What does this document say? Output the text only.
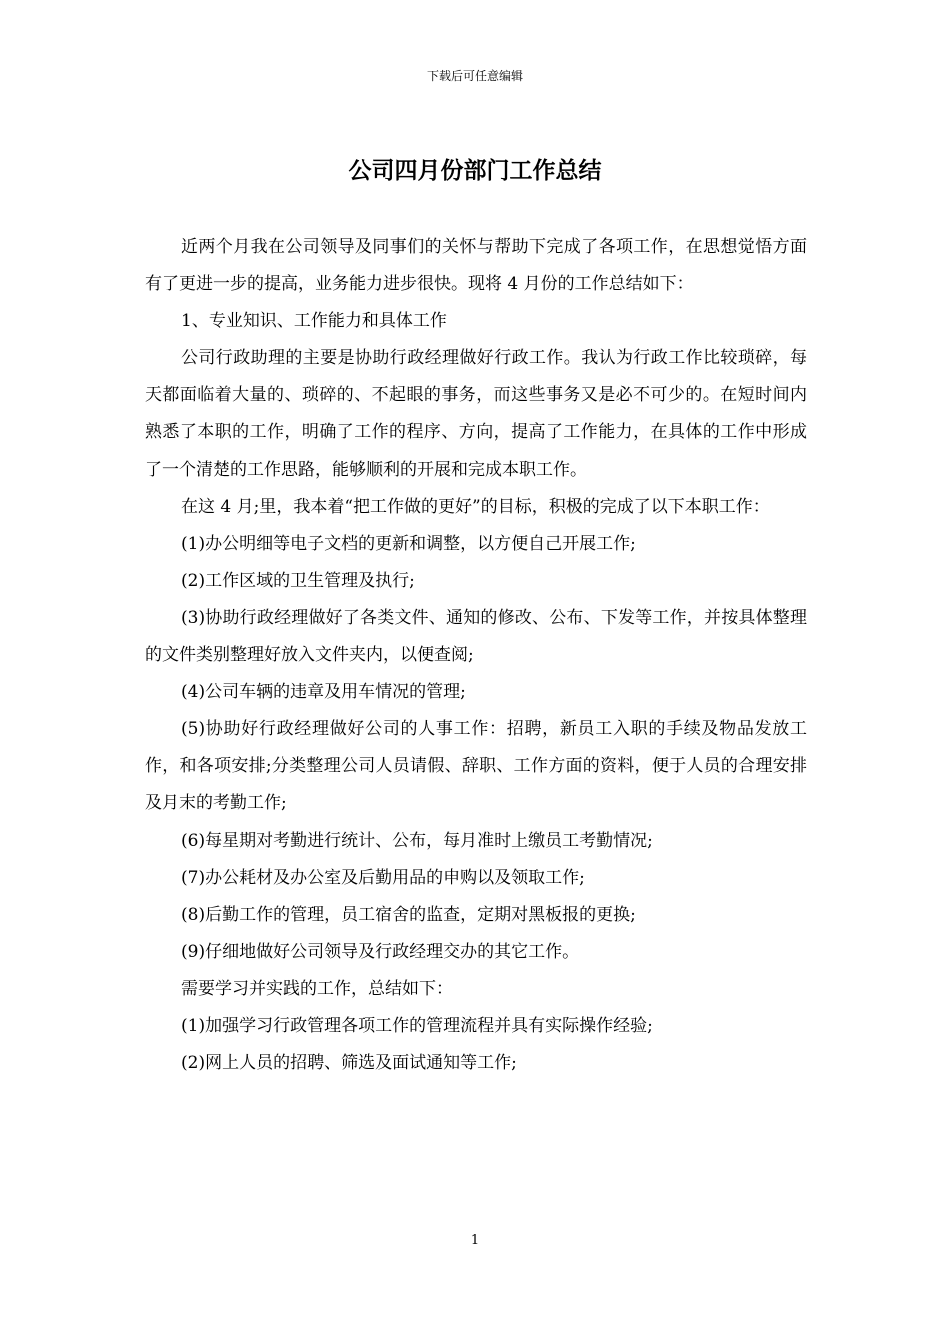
下载后可任意编辑
公司四月份部门工作总结

近两个月我在公司领导及同事们的关怀与帮助下完成了各项工作，在思想觉悟方面有了更进一步的提高，业务能力进步很快。现将 4 月份的工作总结如下：

1、专业知识、工作能力和具体工作

公司行政助理的主要是协助行政经理做好行政工作。我认为行政工作比较琐碎，每天都面临着大量的、琐碎的、不起眼的事务，而这些事务又是必不可少的。在短时间内熟悉了本职的工作，明确了工作的程序、方向，提高了工作能力，在具体的工作中形成了一个清楚的工作思路，能够顺利的开展和完成本职工作。

在这 4 月;里，我本着“把工作做的更好”的目标，积极的完成了以下本职工作：

(1)办公明细等电子文档的更新和调整，以方便自己开展工作;

(2)工作区域的卫生管理及执行;

(3)协助行政经理做好了各类文件、通知的修改、公布、下发等工作，并按具体整理的文件类别整理好放入文件夹内，以便查阅;

(4)公司车辆的违章及用车情况的管理;

(5)协助好行政经理做好公司的人事工作：招聘，新员工入职的手续及物品发放工作，和各项安排;分类整理公司人员请假、辞职、工作方面的资料，便于人员的合理安排及月末的考勤工作;

(6)每星期对考勤进行统计、公布，每月准时上缴员工考勤情况;

(7)办公耗材及办公室及后勤用品的申购以及领取工作;

(8)后勤工作的管理，员工宿舍的监查，定期对黑板报的更换;

(9)仔细地做好公司领导及行政经理交办的其它工作。

需要学习并实践的工作，总结如下：

(1)加强学习行政管理各项工作的管理流程并具有实际操作经验;

(2)网上人员的招聘、筛选及面试通知等工作;

1
